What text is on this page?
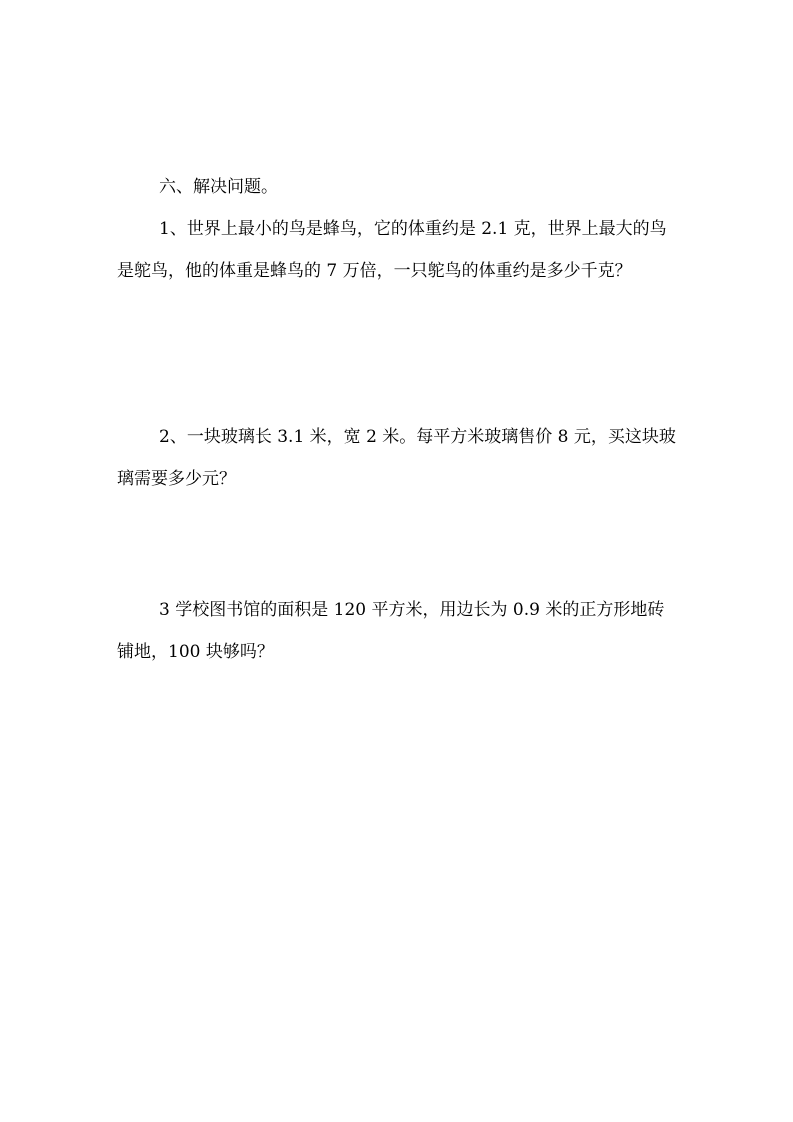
六、解决问题。

1、世界上最小的鸟是蜂鸟，它的体重约是 2.1 克，世界上最大的鸟是鸵鸟，他的体重是蜂鸟的 7 万倍，一只鸵鸟的体重约是多少千克？

2、一块玻璃长 3.1 米，宽 2 米。每平方米玻璃售价 8 元，买这块玻璃需要多少元？

3 学校图书馆的面积是 120 平方米，用边长为 0.9 米的正方形地砖铺地，100 块够吗？
